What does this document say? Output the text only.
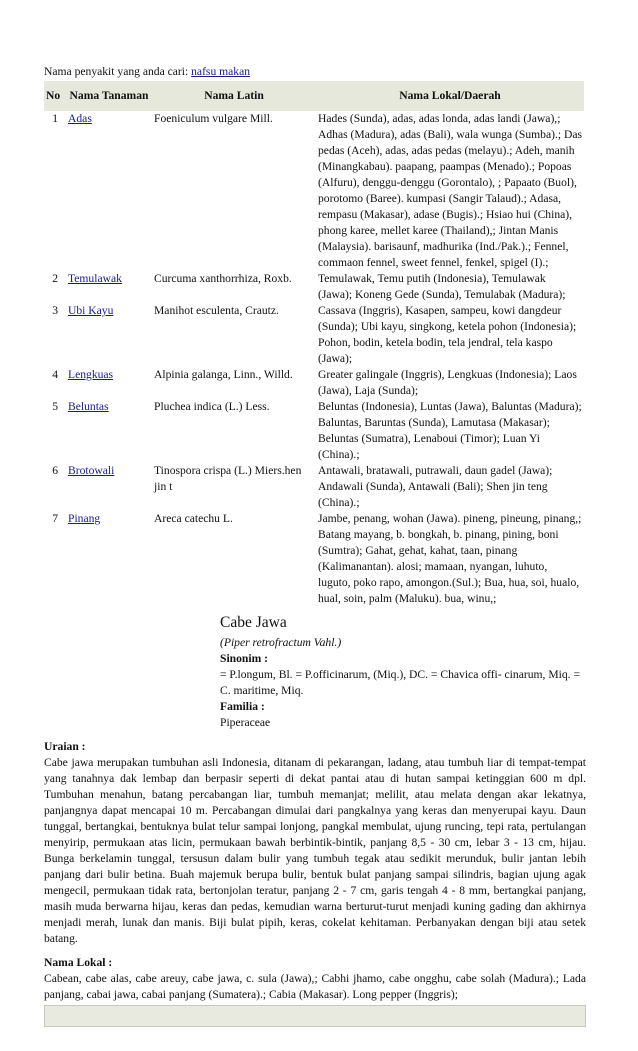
Nama penyakit yang anda cari: nafsu makan
No	Nama Tanaman	Nama Latin	Nama Lokal/Daerah
1	Adas	Foeniculum vulgare Mill.	Hades (Sunda), adas, adas londa, adas landi (Jawa),; Adhas (Madura), adas (Bali), wala wunga (Sumba).; Das pedas (Aceh), adas, adas pedas (melayu).; Adeh, manih (Minangkabau). paapang, paampas (Menado).; Popoas (Alfuru), denggu-denggu (Gorontalo), ; Papaato (Buol), porotomo (Baree). kumpasi (Sangir Talaud).; Adasa, rempasu (Makasar), adase (Bugis).; Hsiao hui (China), phong karee, mellet karee (Thailand),; Jintan Manis (Malaysia). barisaunf, madhurika (Ind./Pak.).; Fennel, commaon fennel, sweet fennel, fenkel, spigel (I).;
2	Temulawak	Curcuma xanthorrhiza, Roxb.	Temulawak, Temu putih (Indonesia), Temulawak (Jawa); Koneng Gede (Sunda), Temulabak (Madura);
3	Ubi Kayu	Manihot esculenta, Crautz.	Cassava (Inggris), Kasapen, sampeu, kowi dangdeur (Sunda); Ubi kayu, singkong, ketela pohon (Indonesia); Pohon, bodin, ketela bodin, tela jendral, tela kaspo (Jawa);
4	Lengkuas	Alpinia galanga, Linn., Willd.	Greater galingale (Inggris), Lengkuas (Indonesia); Laos (Jawa), Laja (Sunda);
5	Beluntas	Pluchea indica (L.) Less.	Beluntas (Indonesia), Luntas (Jawa), Baluntas (Madura); Baluntas, Baruntas (Sunda), Lamutasa (Makasar); Beluntas (Sumatra), Lenaboui (Timor); Luan Yi (China).;
6	Brotowali	Tinospora crispa (L.) Miers.hen jin t	Antawali, bratawali, putrawali, daun gadel (Jawa); Andawali (Sunda), Antawali (Bali); Shen jin teng (China).;
7	Pinang	Areca catechu L.	Jambe, penang, wohan (Jawa). pineng, pineung, pinang,; Batang mayang, b. bongkah, b. pinang, pining, boni (Sumtra); Gahat, gehat, kahat, taan, pinang (Kalimanantan). alosi; mamaan, nyangan, luhuto, luguto, poko rapo, amongon.(Sul.); Bua, hua, soi, hualo, hual, soin, palm (Maluku). bua, winu,;
Cabe Jawa
(Piper retrofractum Vahl.)
Sinonim :
= P.longum, Bl. = P.officinarum, (Miq.), DC. = Chavica offi- cinarum, Miq. = C. maritime, Miq.
Familia :
Piperaceae
Uraian :
Cabe jawa merupakan tumbuhan asli Indonesia, ditanam di pekarangan, ladang, atau tumbuh liar di tempat-tempat yang tanahnya dak lembap dan berpasir seperti di dekat pantai atau di hutan sampai ketinggian 600 m dpl. Tumbuhan menahun, batang percabangan liar, tumbuh memanjat; melilit, atau melata dengan akar lekatnya, panjangnya dapat mencapai 10 m. Percabangan dimulai dari pangkalnya yang keras dan menyerupai kayu. Daun tunggal, bertangkai, bentuknya bulat telur sampai lonjong, pangkal membulat, ujung runcing, tepi rata, pertulangan menyirip, permukaan atas licin, permukaan bawah berbintik-bintik, panjang 8,5 - 30 cm, lebar 3 - 13 cm, hijau. Bunga berkelamin tunggal, tersusun dalam bulir yang tumbuh tegak atau sedikit merunduk, bulir jantan lebih panjang dari bulir betina. Buah majemuk berupa bulir, bentuk bulat panjang sampai silindris, bagian ujung agak mengecil, permukaan tidak rata, bertonjolan teratur, panjang 2 - 7 cm, garis tengah 4 - 8 mm, bertangkai panjang, masih muda berwarna hijau, keras dan pedas, kemudian warna berturut-turut menjadi kuning gading dan akhirnya menjadi merah, lunak dan manis. Biji bulat pipih, keras, cokelat kehitaman. Perbanyakan dengan biji atau setek batang.
Nama Lokal :
Cabean, cabe alas, cabe areuy, cabe jawa, c. sula (Jawa),; Cabhi jhamo, cabe ongghu, cabe solah (Madura).; Lada panjang, cabai jawa, cabai panjang (Sumatera).; Cabia (Makasar). Long pepper (Inggris);
